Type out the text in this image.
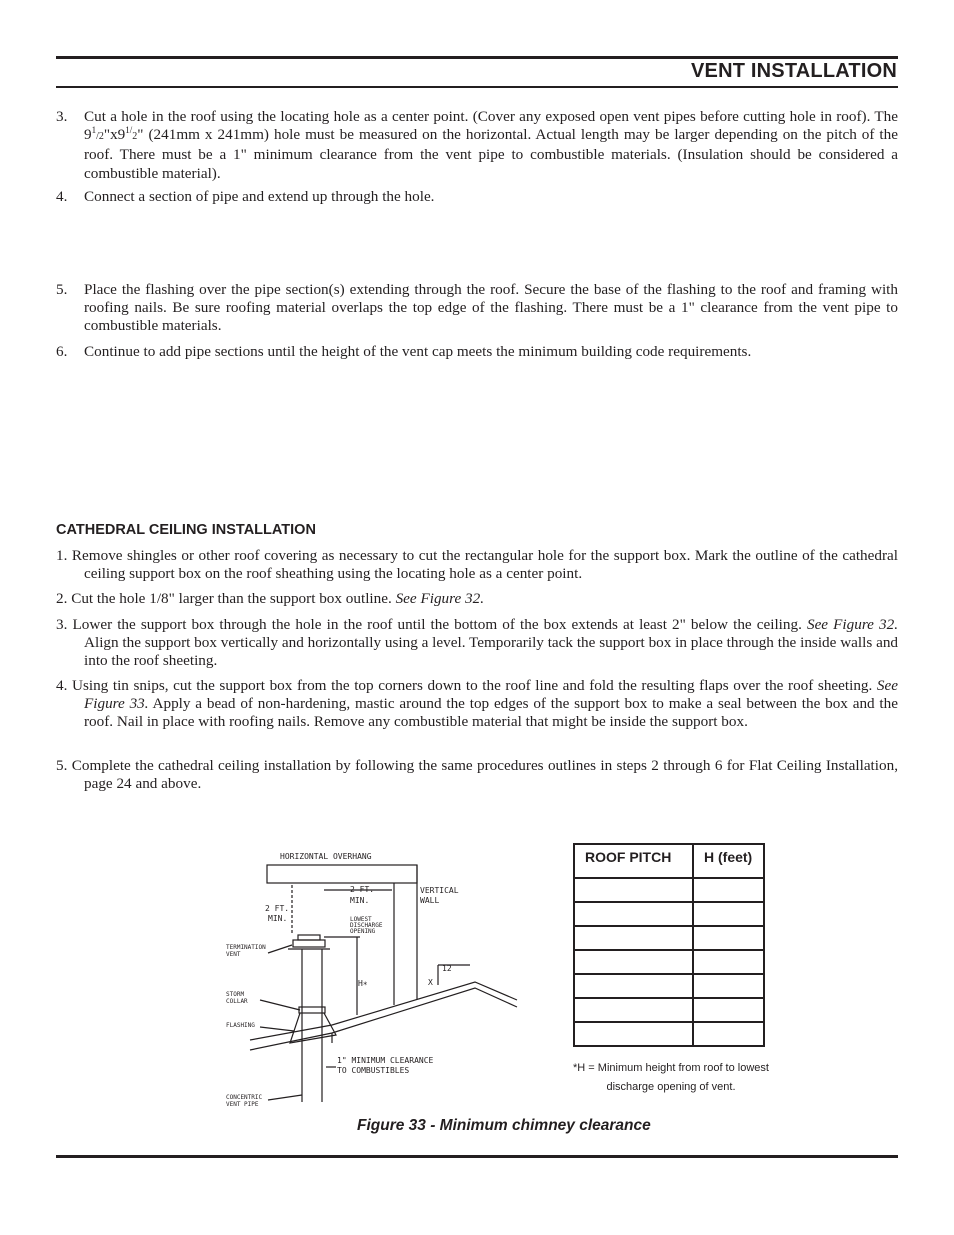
VENT INSTALLATION
3. Cut a hole in the roof using the locating hole as a center point. (Cover any exposed open vent pipes before cutting hole in roof). The $9^1/2"x9^{1/}2$" (241mm x 241mm) hole must be measured on the horizontal. Actual length may be larger depending on the pitch of the roof. There must be a 1" minimum clearance from the vent pipe to combustible materials. (Insulation should be considered a combustible material).
4. Connect a section of pipe and extend up through the hole.
5. Place the flashing over the pipe section(s) extending through the roof. Secure the base of the flashing to the roof and framing with roofing nails. Be sure roofing material overlaps the top edge of the flashing. There must be a 1" clearance from the vent pipe to combustible materials.
6. Continue to add pipe sections until the height of the vent cap meets the minimum building code requirements.
CATHEDRAL CEILING INSTALLATION
1. Remove shingles or other roof covering as necessary to cut the rectangular hole for the support box. Mark the outline of the cathedral ceiling support box on the roof sheathing using the locating hole as a center point.
2. Cut the hole 1/8" larger than the support box outline. See Figure 32.
3. Lower the support box through the hole in the roof until the bottom of the box extends at least 2" below the ceiling. See Figure 32. Align the support box vertically and horizontally using a level. Temporarily tack the support box in place through the inside walls and into the roof sheeting.
4. Using tin snips, cut the support box from the top corners down to the roof line and fold the resulting flaps over the roof sheeting. See Figure 33. Apply a bead of non-hardening, mastic around the top edges of the support box to make a seal between the box and the roof. Nail in place with roofing nails. Remove any combustible material that might be inside the support box.
5. Complete the cathedral ceiling installation by following the same procedures outlines in steps 2 through 6 for Flat Ceiling Installation, page 24 and above.
HORIZONTAL OVERHANG
2 FT.
MIN.
2 FT.
MIN.
VERTICAL
WALL
12
X
H∗
1" MINIMUM CLEARANCE
TO COMBUSTIBLES
LOWEST
DISCHARGE
OPENING
TERMINATION
VENT
STORM
COLLAR
FLASHING
CONCENTRIC
VENT PIPE
ROOF PITCH	H (feet)

*H = Minimum height from roof to lowest
discharge opening of vent.
Figure 33 - Minimum chimney clearance
